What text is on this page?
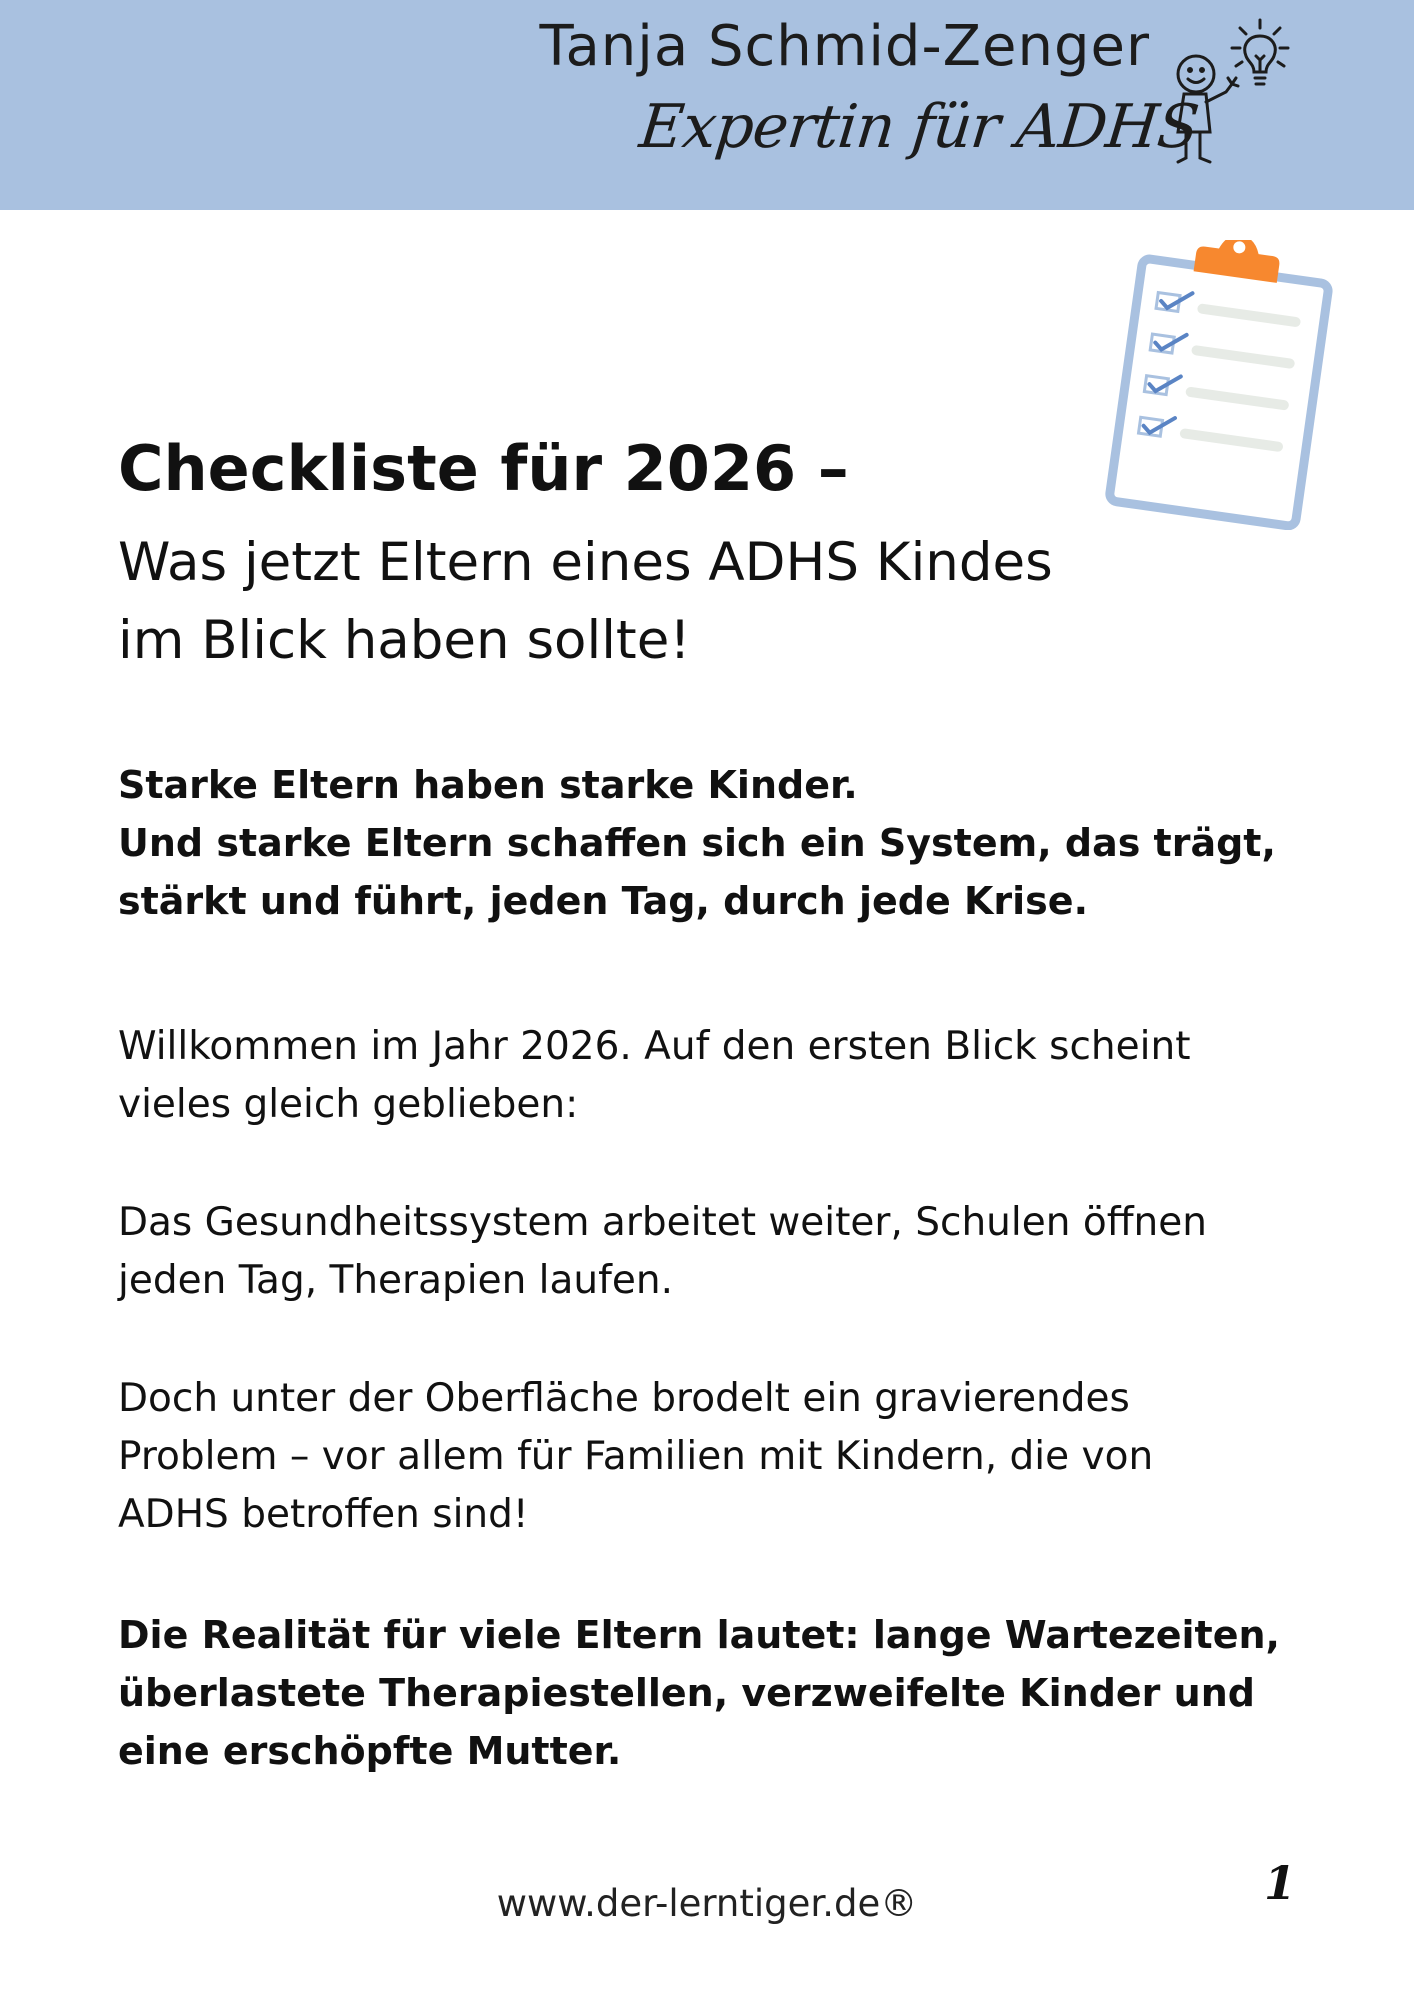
Tanja Schmid-Zenger
Expertin für ADHS
Checkliste für 2026 –
Was jetzt Eltern eines ADHS Kindes
im Blick haben sollte!
Starke Eltern haben starke Kinder.
Und starke Eltern schaffen sich ein System, das trägt,
stärkt und führt, jeden Tag, durch jede Krise.
Willkommen im Jahr 2026. Auf den ersten Blick scheint
vieles gleich geblieben:
Das Gesundheitssystem arbeitet weiter, Schulen öffnen
jeden Tag, Therapien laufen.
Doch unter der Oberfläche brodelt ein gravierendes
Problem – vor allem für Familien mit Kindern, die von
ADHS betroffen sind!
Die Realität für viele Eltern lautet: lange Wartezeiten,
überlastete Therapiestellen, verzweifelte Kinder und
eine erschöpfte Mutter.
www.der-lerntiger.de®	1
